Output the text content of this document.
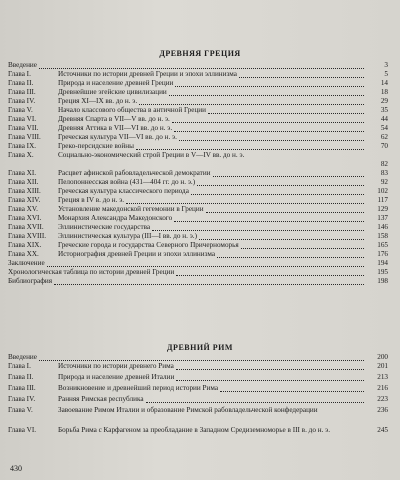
ДРЕВНЯЯ ГРЕЦИЯ
Введение	3
Глава I.	Источники по истории древней Греции и эпохи эллинизма	5
Глава II.	Природа и население древней Греции	14
Глава III.	Древнейшие эгейские цивилизации	18
Глава IV.	Греция XI—IX вв. до н. э.	29
Глава V.	Начало классового общества в античной Греции	35
Глава VI.	Древняя Спарта в VII—V вв. до н. э.	44
Глава VII.	Древняя Аттика в VII—VI вв. до н. э.	54
Глава VIII. Греческая культура VII—VI вв. до н. э.	62
Глава IX.	Греко-персидские войны	70
Глава X.	Социально-экономический строй Греции в V—IV вв. до н. э.
82
Глава XI.	Расцвет афинской рабовладельческой демократии	83
Глава XII.	Пелопоннесская война (431—404 гг. до н. э.)	92
Глава XIII. Греческая культура классического периода	102
Глава XIV. Греция в IV в. до н. э.	117
Глава XV.	Установление македонской гегемонии в Греции	129
Глава XVI. Монархия Александра Македонского	137
Глава XVII. Эллинистические государства	146
Глава XVIII. Эллинистическая культура (III—I вв. до н. э.)	158
Глава XIX. Греческие города и государства Северного Причерноморья	165
Глава XX.	Историография древней Греции и эпохи эллинизма	176
Заключение	194
Хронологическая таблица по истории древней Греции	195
Библиография	198
ДРЕВНИЙ РИМ
Введение	200
Глава I.	Источники по истории древнего Рима	201
Глава II.	Природа и население древней Италии	213
Глава III.	Возникновение и древнейший период истории Рима	216
Глава IV.	Ранняя Римская республика	223
Глава V.	Завоевание Римом Италии и образование Римской рабовладельческой конфедерации	236
Глава VI.	Борьба Рима с Карфагеном за преобладание в Западном Средиземноморье в III в. до н. э.	245
430
